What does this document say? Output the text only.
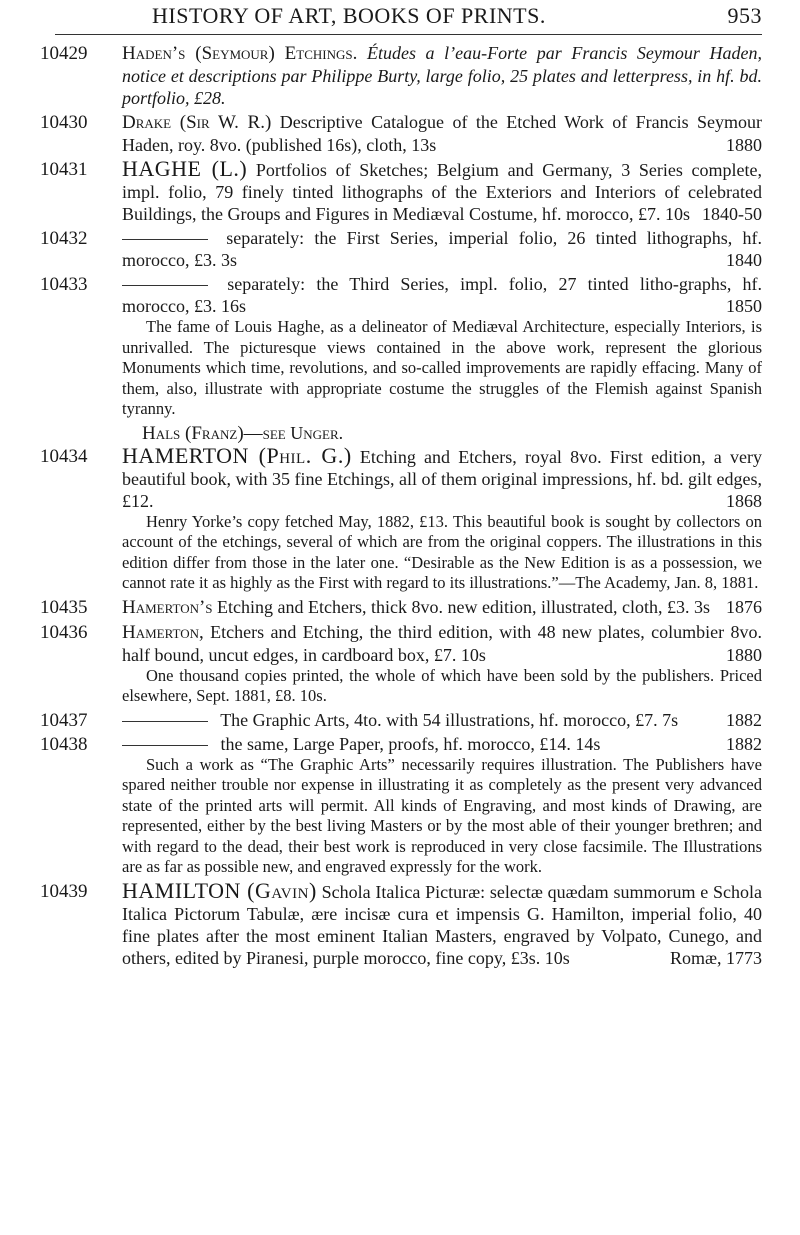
HISTORY OF ART, BOOKS OF PRINTS.	953
10429 Haden’s (Seymour) Etchings. Études a l’eau-Forte par Francis Seymour Haden, notice et descriptions par Philippe Burty, large folio, 25 plates and letterpress, in hf. bd. portfolio, £28.
10430 Drake (Sir W. R.) Descriptive Catalogue of the Etched Work of Francis Seymour Haden, roy. 8vo. (published 16s), cloth, 13s	1880
10431 HAGHE (L.) Portfolios of Sketches; Belgium and Germany, 3 Series complete, impl. folio, 79 finely tinted lithographs of the Exteriors and Interiors of celebrated Buildings, the Groups and Figures in Mediæval Costume, hf. morocco, £7. 10s 1840-50
10432	separately: the First Series, imperial folio, 26 tinted lithographs, hf. morocco, £3. 3s	1840
10433	separately: the Third Series, impl. folio, 27 tinted litho-graphs, hf. morocco, £3. 16s	1850

The fame of Louis Haghe, as a delineator of Mediæval Architecture, especially Interiors, is unrivalled. The picturesque views contained in the above work, represent the glorious Monuments which time, revolutions, and so-called improvements are rapidly effacing. Many of them, also, illustrate with appropriate costume the struggles of the Flemish against Spanish tyranny.

Hals (Franz)—see Unger.
10434 HAMERTON (Phil. G.) Etching and Etchers, royal 8vo. First edition, a very beautiful book, with 35 fine Etchings, all of them original impressions, hf. bd. gilt edges, £12.	1868

Henry Yorke’s copy fetched May, 1882, £13. This beautiful book is sought by collectors on account of the etchings, several of which are from the original coppers. The illustrations in this edition differ from those in the later one. “Desirable as the New Edition is as a possession, we cannot rate it as highly as the First with regard to its illustrations.”—The Academy, Jan. 8, 1881.

10435 Hamerton’s Etching and Etchers, thick 8vo. new edition, illustrated, cloth, £3. 3s 1876
10436 Hamerton, Etchers and Etching, the third edition, with 48 new plates, columbier 8vo. half bound, uncut edges, in cardboard box, £7. 10s	1880

One thousand copies printed, the whole of which have been sold by the publishers. Priced elsewhere, Sept. 1881, £8. 10s.

10437	The Graphic Arts, 4to. with 54 illustrations, hf. morocco, £7. 7s	1882
10438	the same, Large Paper, proofs, hf. morocco, £14. 14s	1882

Such a work as “The Graphic Arts” necessarily requires illustration. The Publishers have spared neither trouble nor expense in illustrating it as completely as the present very advanced state of the printed arts will permit. All kinds of Engraving, and most kinds of Drawing, are represented, either by the best living Masters or by the most able of their younger brethren; and with regard to the dead, their best work is reproduced in very close facsimile. The Illustrations are as far as possible new, and engraved expressly for the work.

10439 HAMILTON (Gavin) Schola Italica Picturæ: selectæ quædam summorum e Schola Italica Pictorum Tabulæ, ære incisæ cura et impensis G. Hamilton, imperial folio, 40 fine plates after the most eminent Italian Masters, engraved by Volpato, Cunego, and others, edited by Piranesi, purple morocco, fine copy, £3s. 10s	Romæ, 1773
